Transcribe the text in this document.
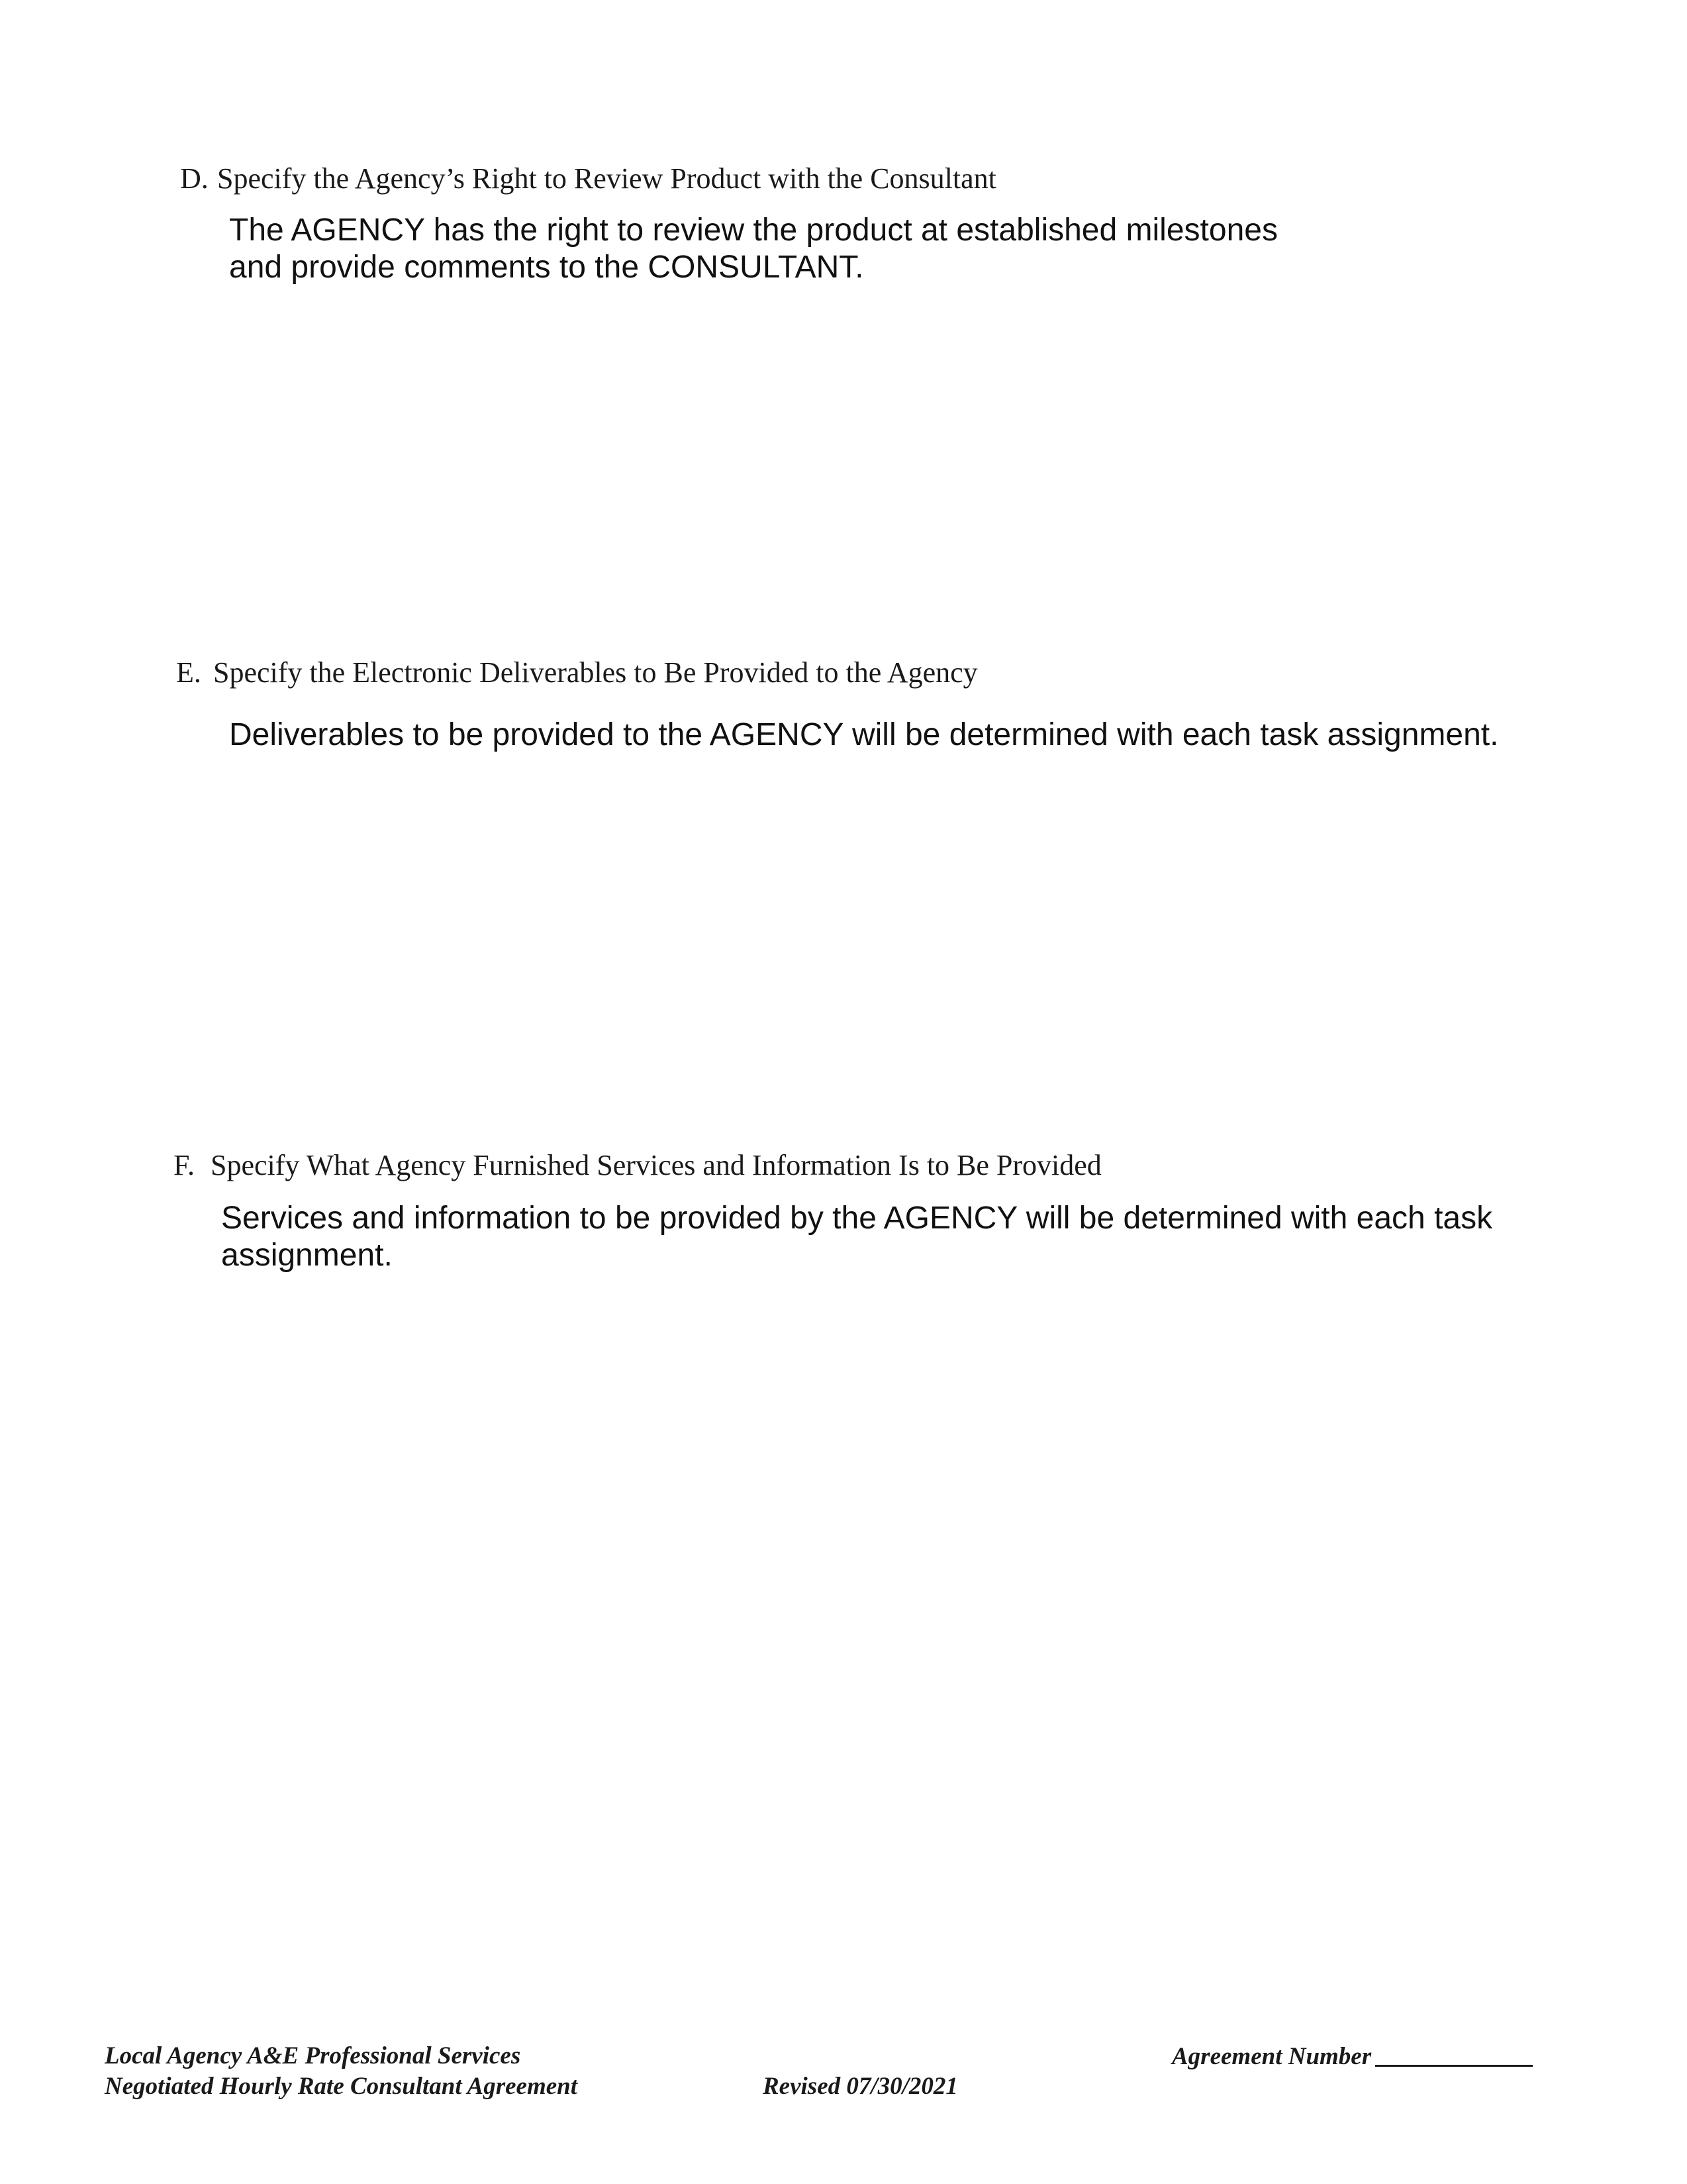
D. Specify the Agency’s Right to Review Product with the Consultant

The AGENCY has the right to review the product at established milestones

and provide comments to the CONSULTANT.

E. Specify the Electronic Deliverables to Be Provided to the Agency

Deliverables to be provided to the AGENCY will be determined with each task assignment.

F. Specify What Agency Furnished Services and Information Is to Be Provided

Services and information to be provided by the AGENCY will be determined with each task

assignment.

Local Agency A&E Professional Services
Negotiated Hourly Rate Consultant Agreement	Revised 07/30/2021
Agreement Number
